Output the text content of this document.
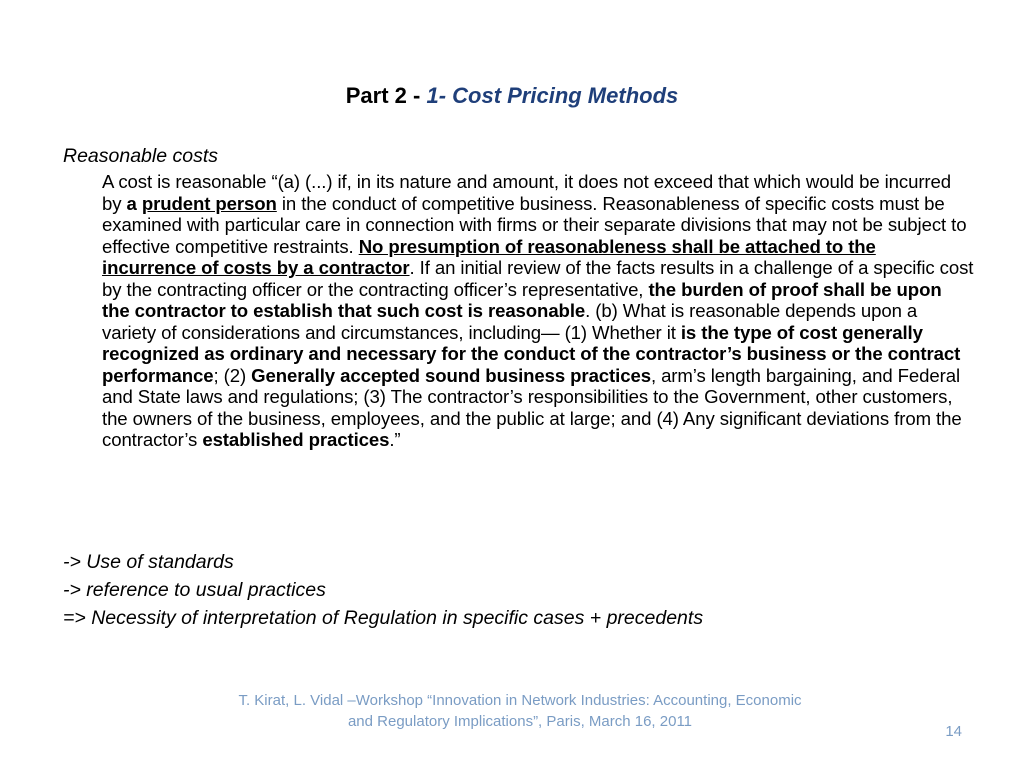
Part 2 - 1- Cost Pricing Methods
Reasonable costs
A cost is reasonable “(a) (...) if, in its nature and amount, it does not exceed that which would be incurred by a prudent person in the conduct of competitive business. Reasonableness of specific costs must be examined with particular care in connection with firms or their separate divisions that may not be subject to effective competitive restraints. No presumption of reasonableness shall be attached to the incurrence of costs by a contractor. If an initial review of the facts results in a challenge of a specific cost by the contracting officer or the contracting officer’s representative, the burden of proof shall be upon the contractor to establish that such cost is reasonable. (b) What is reasonable depends upon a variety of considerations and circumstances, including— (1) Whether it is the type of cost generally recognized as ordinary and necessary for the conduct of the contractor’s business or the contract performance; (2) Generally accepted sound business practices, arm’s length bargaining, and Federal and State laws and regulations; (3) The contractor’s responsibilities to the Government, other customers, the owners of the business, employees, and the public at large; and (4) Any significant deviations from the contractor’s established practices.”
-> Use of standards
-> reference to usual practices
=> Necessity of interpretation of Regulation in specific cases + precedents
T. Kirat, L. Vidal –Workshop “Innovation in Network Industries: Accounting, Economic
and Regulatory Implications”, Paris, March 16, 2011
14
